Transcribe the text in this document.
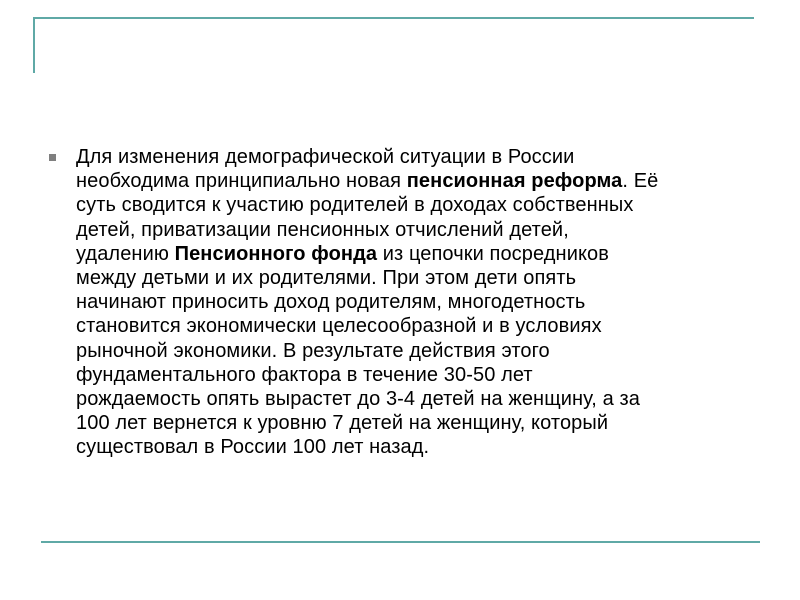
Для изменения демографической ситуации в России
необходима принципиально новая пенсионная реформа. Её
суть сводится к участию родителей в доходах собственных
детей, приватизации пенсионных отчислений детей,
удалению Пенсионного фонда из цепочки посредников
между детьми и их родителями. При этом дети опять
начинают приносить доход родителям, многодетность
становится экономически целесообразной и в условиях
рыночной экономики. В результате действия этого
фундаментального фактора в течение 30-50 лет
рождаемость опять вырастет до 3-4 детей на женщину, а за
100 лет вернется к уровню 7 детей на женщину, который
существовал в России 100 лет назад.
